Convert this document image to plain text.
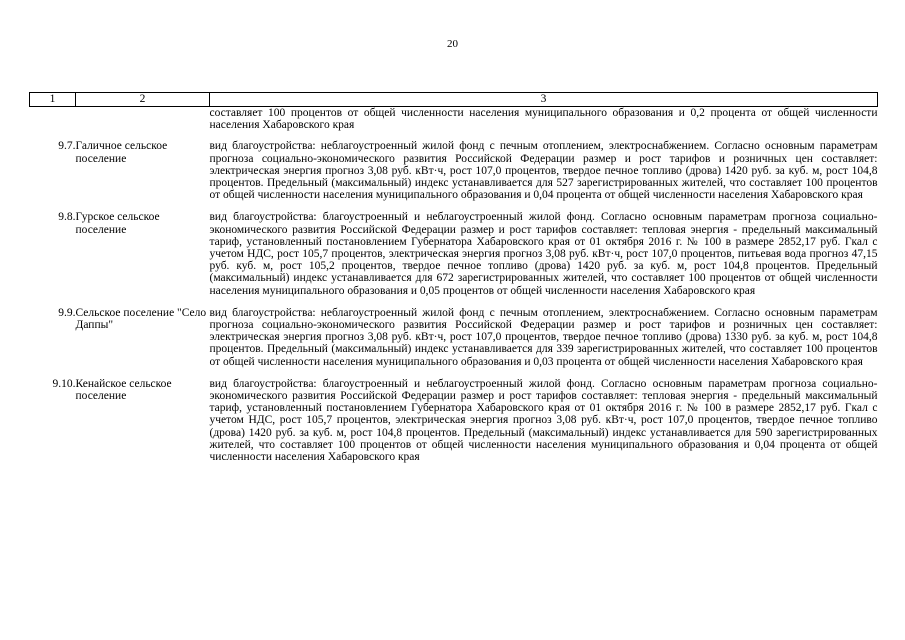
20
1	2	3
		составляет 100 процентов от общей численности населения муниципального образования и 0,2 процента от общей численности населения Хабаровского края
9.7.	Галичное сельское поселение	вид благоустройства: неблагоустроенный жилой фонд с печным отоплением, электроснабжением. Согласно основным параметрам прогноза социально-экономического развития Российской Федерации размер и рост тарифов и розничных цен составляет: электрическая энергия прогноз 3,08 руб. кВт·ч, рост 107,0 процентов, твердое печное топливо (дрова) 1420 руб. за куб. м, рост 104,8 процентов. Предельный (максимальный) индекс устанавливается для 527 зарегистрированных жителей, что составляет 100 процентов от общей численности населения муниципального образования и 0,04 процента от общей численности населения Хабаровского края
9.8.	Гурское сельское поселение	вид благоустройства: благоустроенный и неблагоустроенный жилой фонд. Согласно основным параметрам прогноза социально-экономического развития Российской Федерации размер и рост тарифов составляет: тепловая энергия - предельный максимальный тариф, установленный постановлением Губернатора Хабаровского края от 01 октября 2016 г. № 100 в размере 2852,17 руб. Гкал с учетом НДС, рост 105,7 процентов, электрическая энергия прогноз 3,08 руб. кВт·ч, рост 107,0 процентов, питьевая вода прогноз 47,15 руб. куб. м, рост 105,2 процентов, твердое печное топливо (дрова) 1420 руб. за куб. м, рост 104,8 процентов. Предельный (максимальный) индекс устанавливается для 672 зарегистрированных жителей, что составляет 100 процентов от общей численности населения муниципального образования и 0,05 процентов от общей численности населения Хабаровского края
9.9.	Сельское поселение "Село Даппы"	вид благоустройства: неблагоустроенный жилой фонд с печным отоплением, электроснабжением. Согласно основным параметрам прогноза социально-экономического развития Российской Федерации размер и рост тарифов и розничных цен составляет: электрическая энергия прогноз 3,08 руб. кВт·ч, рост 107,0 процентов, твердое печное топливо (дрова) 1330 руб. за куб. м, рост 104,8 процентов. Предельный (максимальный) индекс устанавливается для 339 зарегистрированных жителей, что составляет 100 процентов от общей численности населения муниципального образования и 0,03 процента от общей численности населения Хабаровского края
9.10.	Кенайское сельское поселение	вид благоустройства: благоустроенный и неблагоустроенный жилой фонд. Согласно основным параметрам прогноза социально-экономического развития Российской Федерации размер и рост тарифов составляет: тепловая энергия - предельный максимальный тариф, установленный постановлением Губернатора Хабаровского края от 01 октября 2016 г. № 100 в размере 2852,17 руб. Гкал с учетом НДС, рост 105,7 процентов, электрическая энергия прогноз 3,08 руб. кВт·ч, рост 107,0 процентов, твердое печное топливо (дрова) 1420 руб. за куб. м, рост 104,8 процентов. Предельный (максимальный) индекс устанавливается для 590 зарегистрированных жителей, что составляет 100 процентов от общей численности населения муниципального образования и 0,04 процента от общей численности населения Хабаровского края
